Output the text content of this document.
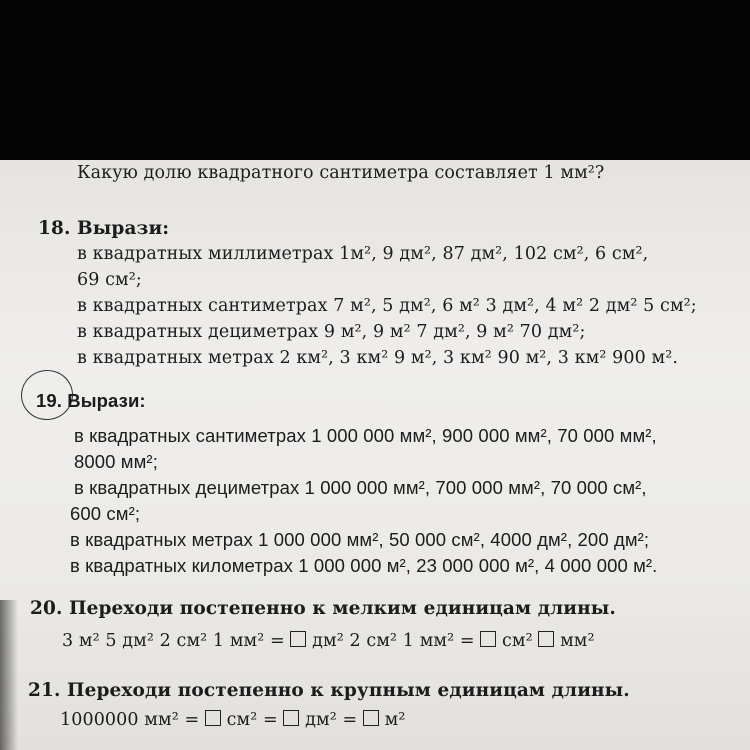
Какую долю квадратного сантиметра составляет 1 мм²?
18. Вырази:
в квадратных миллиметрах 1м², 9 дм², 87 дм², 102 см², 6 см²,
69 см²;
в квадратных сантиметрах 7 м², 5 дм², 6 м² 3 дм², 4 м² 2 дм² 5 см²;
в квадратных дециметрах 9 м², 9 м² 7 дм², 9 м² 70 дм²;
в квадратных метрах 2 км², 3 км² 9 м², 3 км² 90 м², 3 км² 900 м².
19. Вырази:
в квадратных сантиметрах 1 000 000 мм², 900 000 мм², 70 000 мм²,
8000 мм²;
в квадратных дециметрах 1 000 000 мм², 700 000 мм², 70 000 см²,
600 см²;
в квадратных метрах 1 000 000 мм², 50 000 см², 4000 дм², 200 дм²;
в квадратных километрах 1 000 000 м², 23 000 000 м², 4 000 000 м².
20. Переходи постепенно к мелким единицам длины.
3 м² 5 дм² 2 см² 1 мм² = дм² 2 см² 1 мм² = см² мм²
21. Переходи постепенно к крупным единицам длины.
1000000 мм² = см² = дм² = м²
